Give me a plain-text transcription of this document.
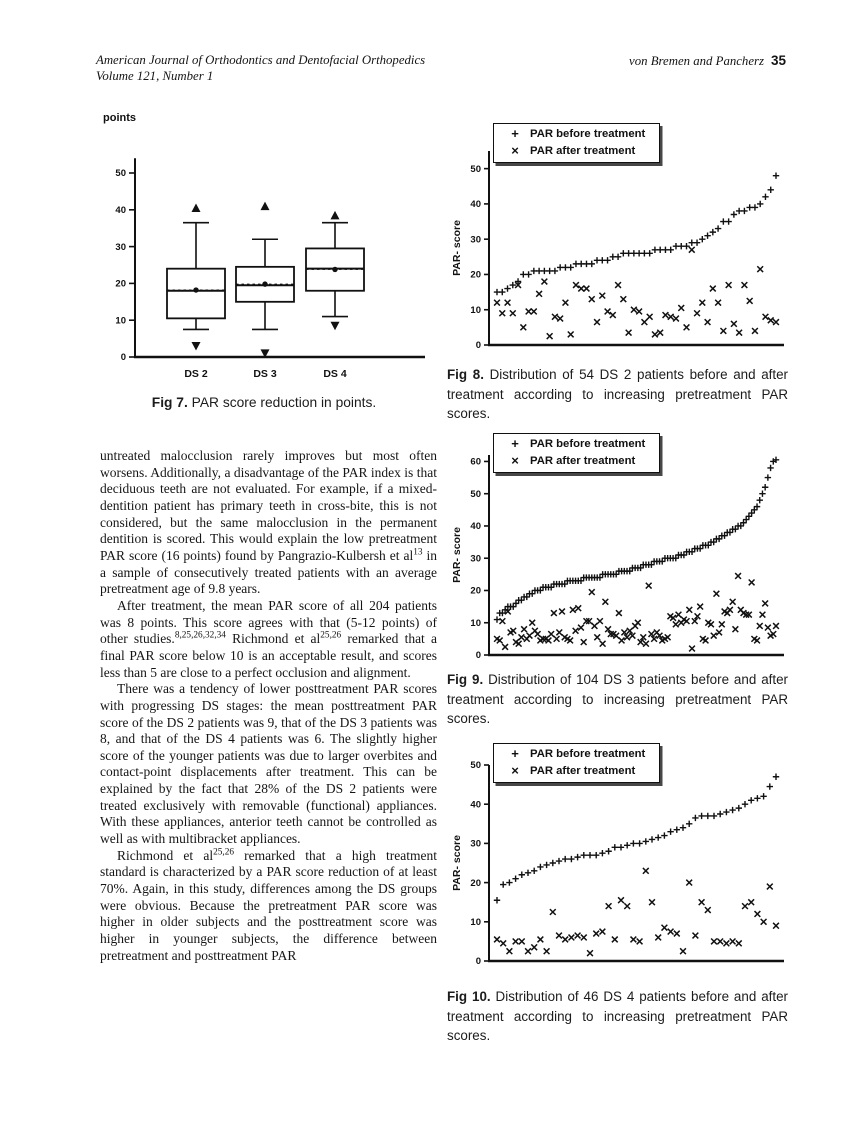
American Journal of Orthodontics and Dentofacial Orthopedics
Volume 121, Number 1
von Bremen and Pancherz 35
points
0
10
20
30
40
50
DS 2	DS 3	DS 4
Fig 7. PAR score reduction in points.

untreated malocclusion rarely improves but most often worsens. Additionally, a disadvantage of the PAR index is that deciduous teeth are not evaluated. For example, if a mixed-dentition patient has primary teeth in cross-bite, this is not considered, but the same malocclusion in the permanent dentition is scored. This would explain the low pretreatment PAR score (16 points) found by Pangrazio-Kulbersh et $al^{13}$ in a sample of consecutively treated patients with an average pretreatment age of 9.8 years.

After treatment, the mean PAR score of all 204 patients was 8 points. This score agrees with that (5-12 points) of other studies.$^{8,25,26,32,34}$ Richmond et al$^{25,26}$ remarked that a final PAR score below 10 is an acceptable result, and scores less than 5 are close to a perfect occlusion and alignment.

There was a tendency of lower posttreatment PAR scores with progressing DS stages: the mean posttreatment PAR score of the DS 2 patients was 9, that of the DS 3 patients was 8, and that of the DS 4 patients was 6. The slightly higher score of the younger patients was due to larger overbites and contact-point displacements after treatment. This can be explained by the fact that 28% of the DS 2 patients were treated exclusively with removable (functional) appliances. With these appliances, anterior teeth cannot be controlled as well as with multibracket appliances.

Richmond et al$^{25,26}$ remarked that a high treatment standard is characterized by a PAR score reduction of at least 70%. Again, in this study, differences among the DS groups were obvious. Because the pretreatment PAR score was higher in older subjects and the posttreatment score was higher in younger subjects, the difference between pretreatment and posttreatment PAR

+ PAR before treatment
× PAR after treatment
0
10
20
30
40
50
PAR- score
Fig 8. Distribution of 54 DS 2 patients before and after treatment according to increasing pretreatment PAR scores.
+ PAR before treatment
× PAR after treatment
0
10
20
30
40
50
60
PAR- score
Fig 9. Distribution of 104 DS 3 patients before and after treatment according to increasing pretreatment PAR scores.
+ PAR before treatment
× PAR after treatment
0
10
20
30
40
50
PAR- score
Fig 10. Distribution of 46 DS 4 patients before and after treatment according to increasing pretreatment PAR scores.
